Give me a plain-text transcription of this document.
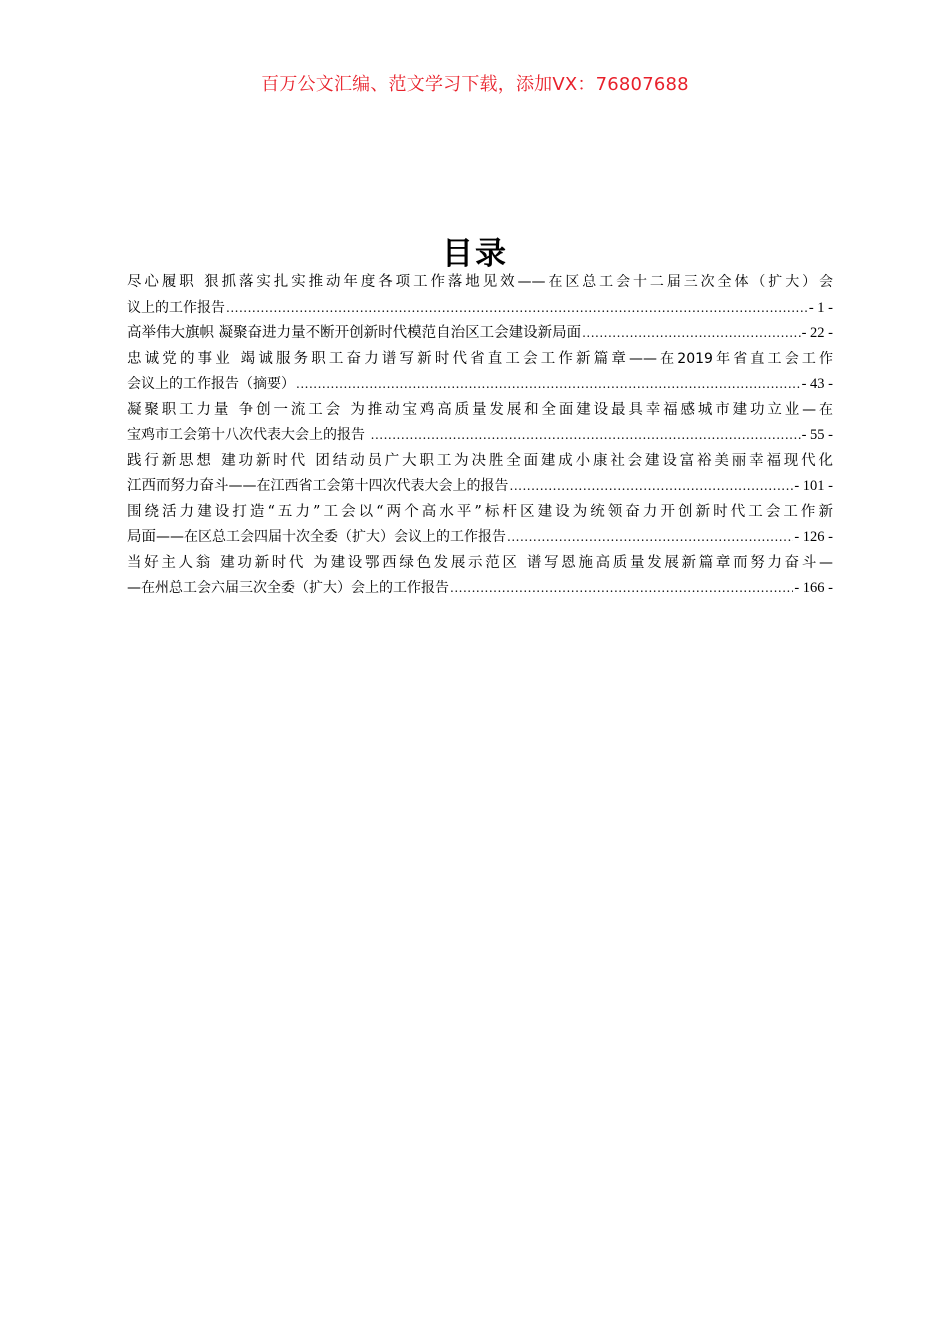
百万公文汇编、范文学习下载，添加VX：76807688
目录
尽心履职 狠抓落实扎实推动年度各项工作落地见效——在区总工会十二届三次全体（扩大）会
议上的工作报告 .....	- 1 -
高举伟大旗帜 凝聚奋进力量不断开创新时代模范自治区工会建设新局面 .....	- 22 -
忠诚党的事业 竭诚服务职工奋力谱写新时代省直工会工作新篇章——在2019年省直工会工作
会议上的工作报告（摘要） .....	- 43 -
凝聚职工力量 争创一流工会 为推动宝鸡高质量发展和全面建设最具幸福感城市建功立业—在
宝鸡市工会第十八次代表大会上的报告 .....	- 55 -
践行新思想 建功新时代 团结动员广大职工为决胜全面建成小康社会建设富裕美丽幸福现代化
江西而努力奋斗 ——在江西省工会第十四次代表大会上的报告 .....	- 101 -
围绕活力建设打造“五力”工会以“两个高水平”标杆区建设为统领奋力开创新时代工会工作新
局面 ——在区总工会四届十次全委（扩大）会议上的工作报告 .....	- 126 -
当好主人翁 建功新时代 为建设鄂西绿色发展示范区 谱写恩施高质量发展新篇章而努力奋斗—
—在州总工会六届三次全委（扩大）会上的工作报告 .....	- 166 -
